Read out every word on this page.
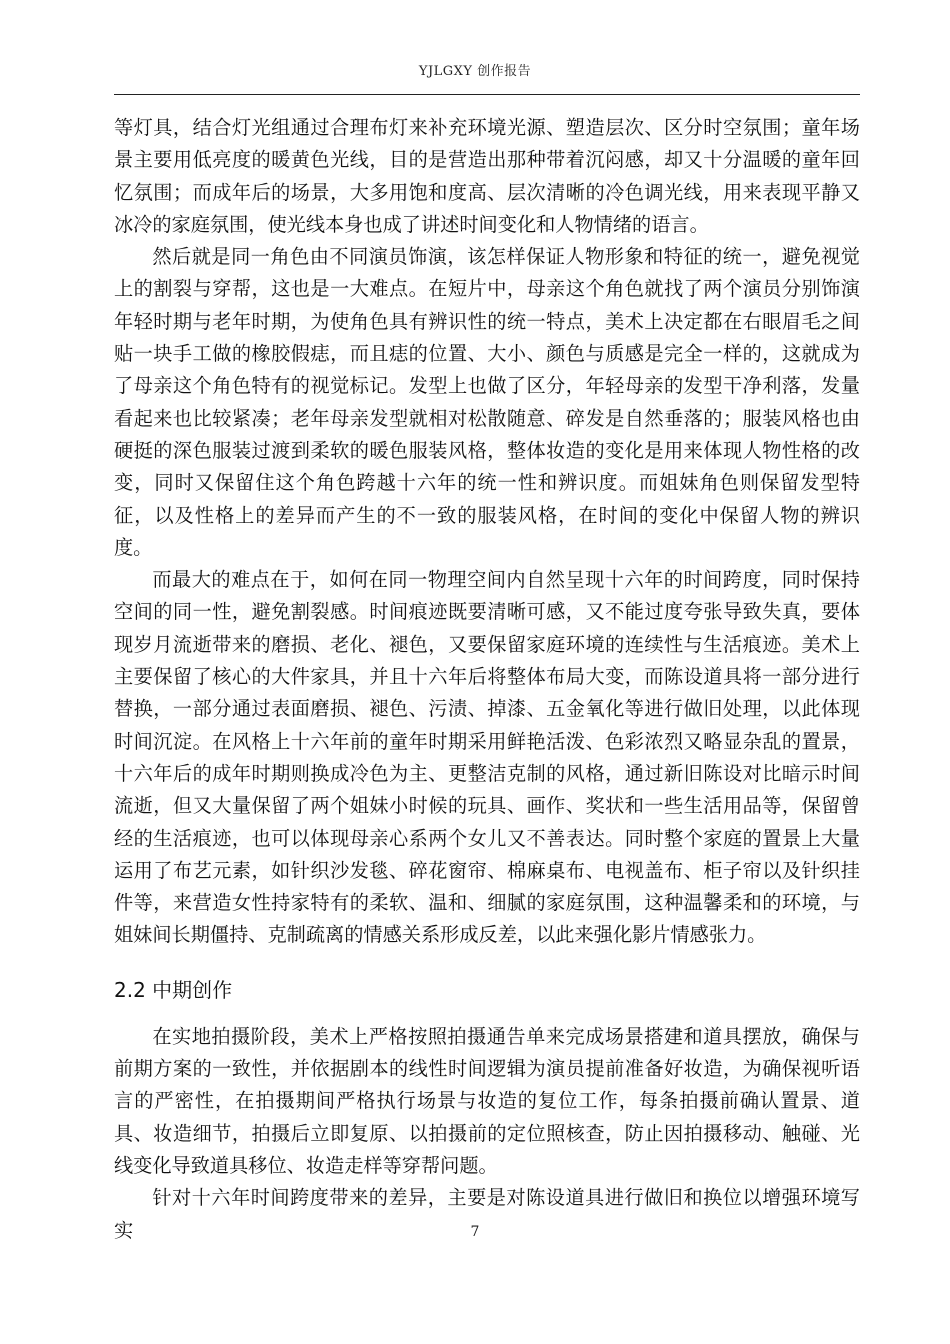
YJLGXY 创作报告

等灯具，结合灯光组通过合理布灯来补充环境光源、塑造层次、区分时空氛围；童年场景主要用低亮度的暖黄色光线，目的是营造出那种带着沉闷感，却又十分温暖的童年回忆氛围；而成年后的场景，大多用饱和度高、层次清晰的冷色调光线，用来表现平静又冰冷的家庭氛围，使光线本身也成了讲述时间变化和人物情绪的语言。

然后就是同一角色由不同演员饰演，该怎样保证人物形象和特征的统一，避免视觉上的割裂与穿帮，这也是一大难点。在短片中，母亲这个角色就找了两个演员分别饰演年轻时期与老年时期，为使角色具有辨识性的统一特点，美术上决定都在右眼眉毛之间贴一块手工做的橡胶假痣，而且痣的位置、大小、颜色与质感是完全一样的，这就成为了母亲这个角色特有的视觉标记。发型上也做了区分，年轻母亲的发型干净利落，发量看起来也比较紧凑；老年母亲发型就相对松散随意、碎发是自然垂落的；服装风格也由硬挺的深色服装过渡到柔软的暖色服装风格，整体妆造的变化是用来体现人物性格的改变，同时又保留住这个角色跨越十六年的统一性和辨识度。而姐妹角色则保留发型特征，以及性格上的差异而产生的不一致的服装风格，在时间的变化中保留人物的辨识度。

而最大的难点在于，如何在同一物理空间内自然呈现十六年的时间跨度，同时保持空间的同一性，避免割裂感。时间痕迹既要清晰可感，又不能过度夸张导致失真，要体现岁月流逝带来的磨损、老化、褪色，又要保留家庭环境的连续性与生活痕迹。美术上主要保留了核心的大件家具，并且十六年后将整体布局大变，而陈设道具将一部分进行替换，一部分通过表面磨损、褪色、污渍、掉漆、五金氧化等进行做旧处理，以此体现时间沉淀。在风格上十六年前的童年时期采用鲜艳活泼、色彩浓烈又略显杂乱的置景，十六年后的成年时期则换成冷色为主、更整洁克制的风格，通过新旧陈设对比暗示时间流逝，但又大量保留了两个姐妹小时候的玩具、画作、奖状和一些生活用品等，保留曾经的生活痕迹，也可以体现母亲心系两个女儿又不善表达。同时整个家庭的置景上大量运用了布艺元素，如针织沙发毯、碎花窗帘、棉麻桌布、电视盖布、柜子帘以及针织挂件等，来营造女性持家特有的柔软、温和、细腻的家庭氛围，这种温馨柔和的环境，与姐妹间长期僵持、克制疏离的情感关系形成反差，以此来强化影片情感张力。

2.2 中期创作

在实地拍摄阶段，美术上严格按照拍摄通告单来完成场景搭建和道具摆放，确保与前期方案的一致性，并依据剧本的线性时间逻辑为演员提前准备好妆造，为确保视听语言的严密性，在拍摄期间严格执行场景与妆造的复位工作，每条拍摄前确认置景、道具、妆造细节，拍摄后立即复原、以拍摄前的定位照核查，防止因拍摄移动、触碰、光线变化导致道具移位、妆造走样等穿帮问题。

针对十六年时间跨度带来的差异，主要是对陈设道具进行做旧和换位以增强环境写实	7
